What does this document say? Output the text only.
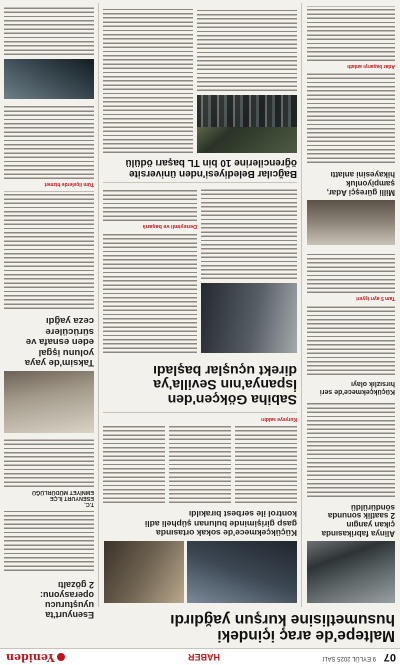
07
9 EYLÜL 2025 SALI
HABER
Yeniden
Maltepe'de araç içindeki
husumetlisine kurşun yağdırdı
Alinya fabrikasında
çıkan yangın
2 saatlik sonunda
söndürüldü
Küçükçekmece'de seri
hırsızlık olayı
Tam 5 ayrı işyeri
Milli güreşçi Adar,
şampiyonluk
hikayesini anlattı
Adar başarıyı anlattı
Küçükçekmece'de sokak ortasında
gasp girişiminde bulunan şüpheli adli
kontrol ile serbest bırakıldı
Kuryeye saldırı
Sabiha Gökçen'den
İspanya'nın Sevilla'ya
direkt uçuşlar başladı
Deneyimli ve başarılı
Bağcılar Belediyesi'nden üniversite
öğrencilerine 10 bin TL başarı ödülü
Esenyurt'ta
uyuşturucu
operasyonu:
2 gözaltı
T.C.
ESENYURT İLÇE
EMNİYET MÜDÜRLÜĞÜ
Taksim'de yaya
yolunu işgal
eden esnafa ve
sürücülere
ceza yağdı
Tüm ilçelerde hizmet
